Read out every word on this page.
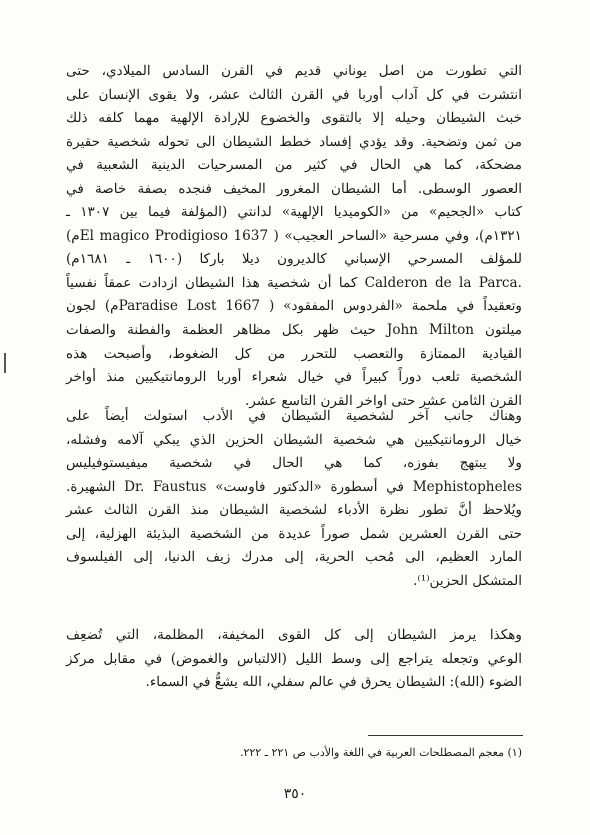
التي تطورت من اصل يوناني قديم في القرن السادس الميلادي، حتى
انتشرت في كل آداب أوربا في القرن الثالث عشر، ولا يقوى الإنسان على
خبث الشيطان وحيله إلا بالتقوى والخضوع للإرادة الإلهية مهما كلفه ذلك
من ثمن وتضحية. وقد يؤدي إفساد خطط الشيطان الى تحوله شخصية حقيرة
مضحكة، كما هي الحال في كثير من المسرحيات الدينية الشعبية في
العصور الوسطى. أما الشيطان المغرور المخيف فنجده بصفة خاصة في
كتاب «الجحيم» من «الكوميديا الإلهية» لدانتي (المؤلفة فيما بين ١٣٠٧ ـ
١٣٢١م)، وفي مسرحية «الساحر العجيب» ( El magico Prodigioso 1637م)
للمؤلف المسرحي الإسباني كالديرون ديلا باركا (١٦٠٠ ـ ١٦٨١م)
.Calderon de la Parca كما أن شخصية هذا الشيطان ازدادت عمقاً نفسياً
وتعقيداً في ملحمة «الفردوس المفقود» ( Paradise Lost 1667م) لجون
ميلتون John Milton حيث ظهر بكل مظاهر العظمة والفطنة والصفات
القيادية الممتازة والتعصب للتحرر من كل الضغوط، وأصبحت هذه
الشخصية تلعب دوراً كبيراً في خيال شعراء أوربا الرومانتيكيين منذ أواخر
القرن الثامن عشر حتى اواخر القرن التاسع عشر.

وهناك جانب آخر لشخصية الشيطان في الأدب استولت أيضاً على
خيال الرومانتيكيين هي شخصية الشيطان الحزين الذي يبكي آلامه وفشله،
ولا يبتهج بفوزه، كما هي الحال في شخصية ميفيستوفيليس
Mephistopheles في أسطورة «الدكتور فاوست» Dr. Faustus الشهيرة.
ويُلاحظ أنَّ تطور نظرة الأدباء لشخصية الشيطان منذ القرن الثالث عشر
حتى القرن العشرين شمل صوراً عديدة من الشخصية البذيئة الهزلية، إلى
المارد العظيم، الى مُحب الحرية، إلى مدرك زيف الدنيا، إلى الفيلسوف
المتشكل الحزين⁽¹⁾.

وهكذا يرمز الشيطان إلى كل القوى المخيفة، المظلمة، التي تُضعِف
الوعي وتجعله يتراجع إلى وسط الليل (الالتباس والغموض) في مقابل مركز
الضوء (الله): الشيطان يحرق في عالم سفلي، الله يشعُّ في السماء.

(١) معجم المصطلحات العربية في اللغة والأدب ص ٢٢١ ـ ٢٢٢.
٣٥٠
